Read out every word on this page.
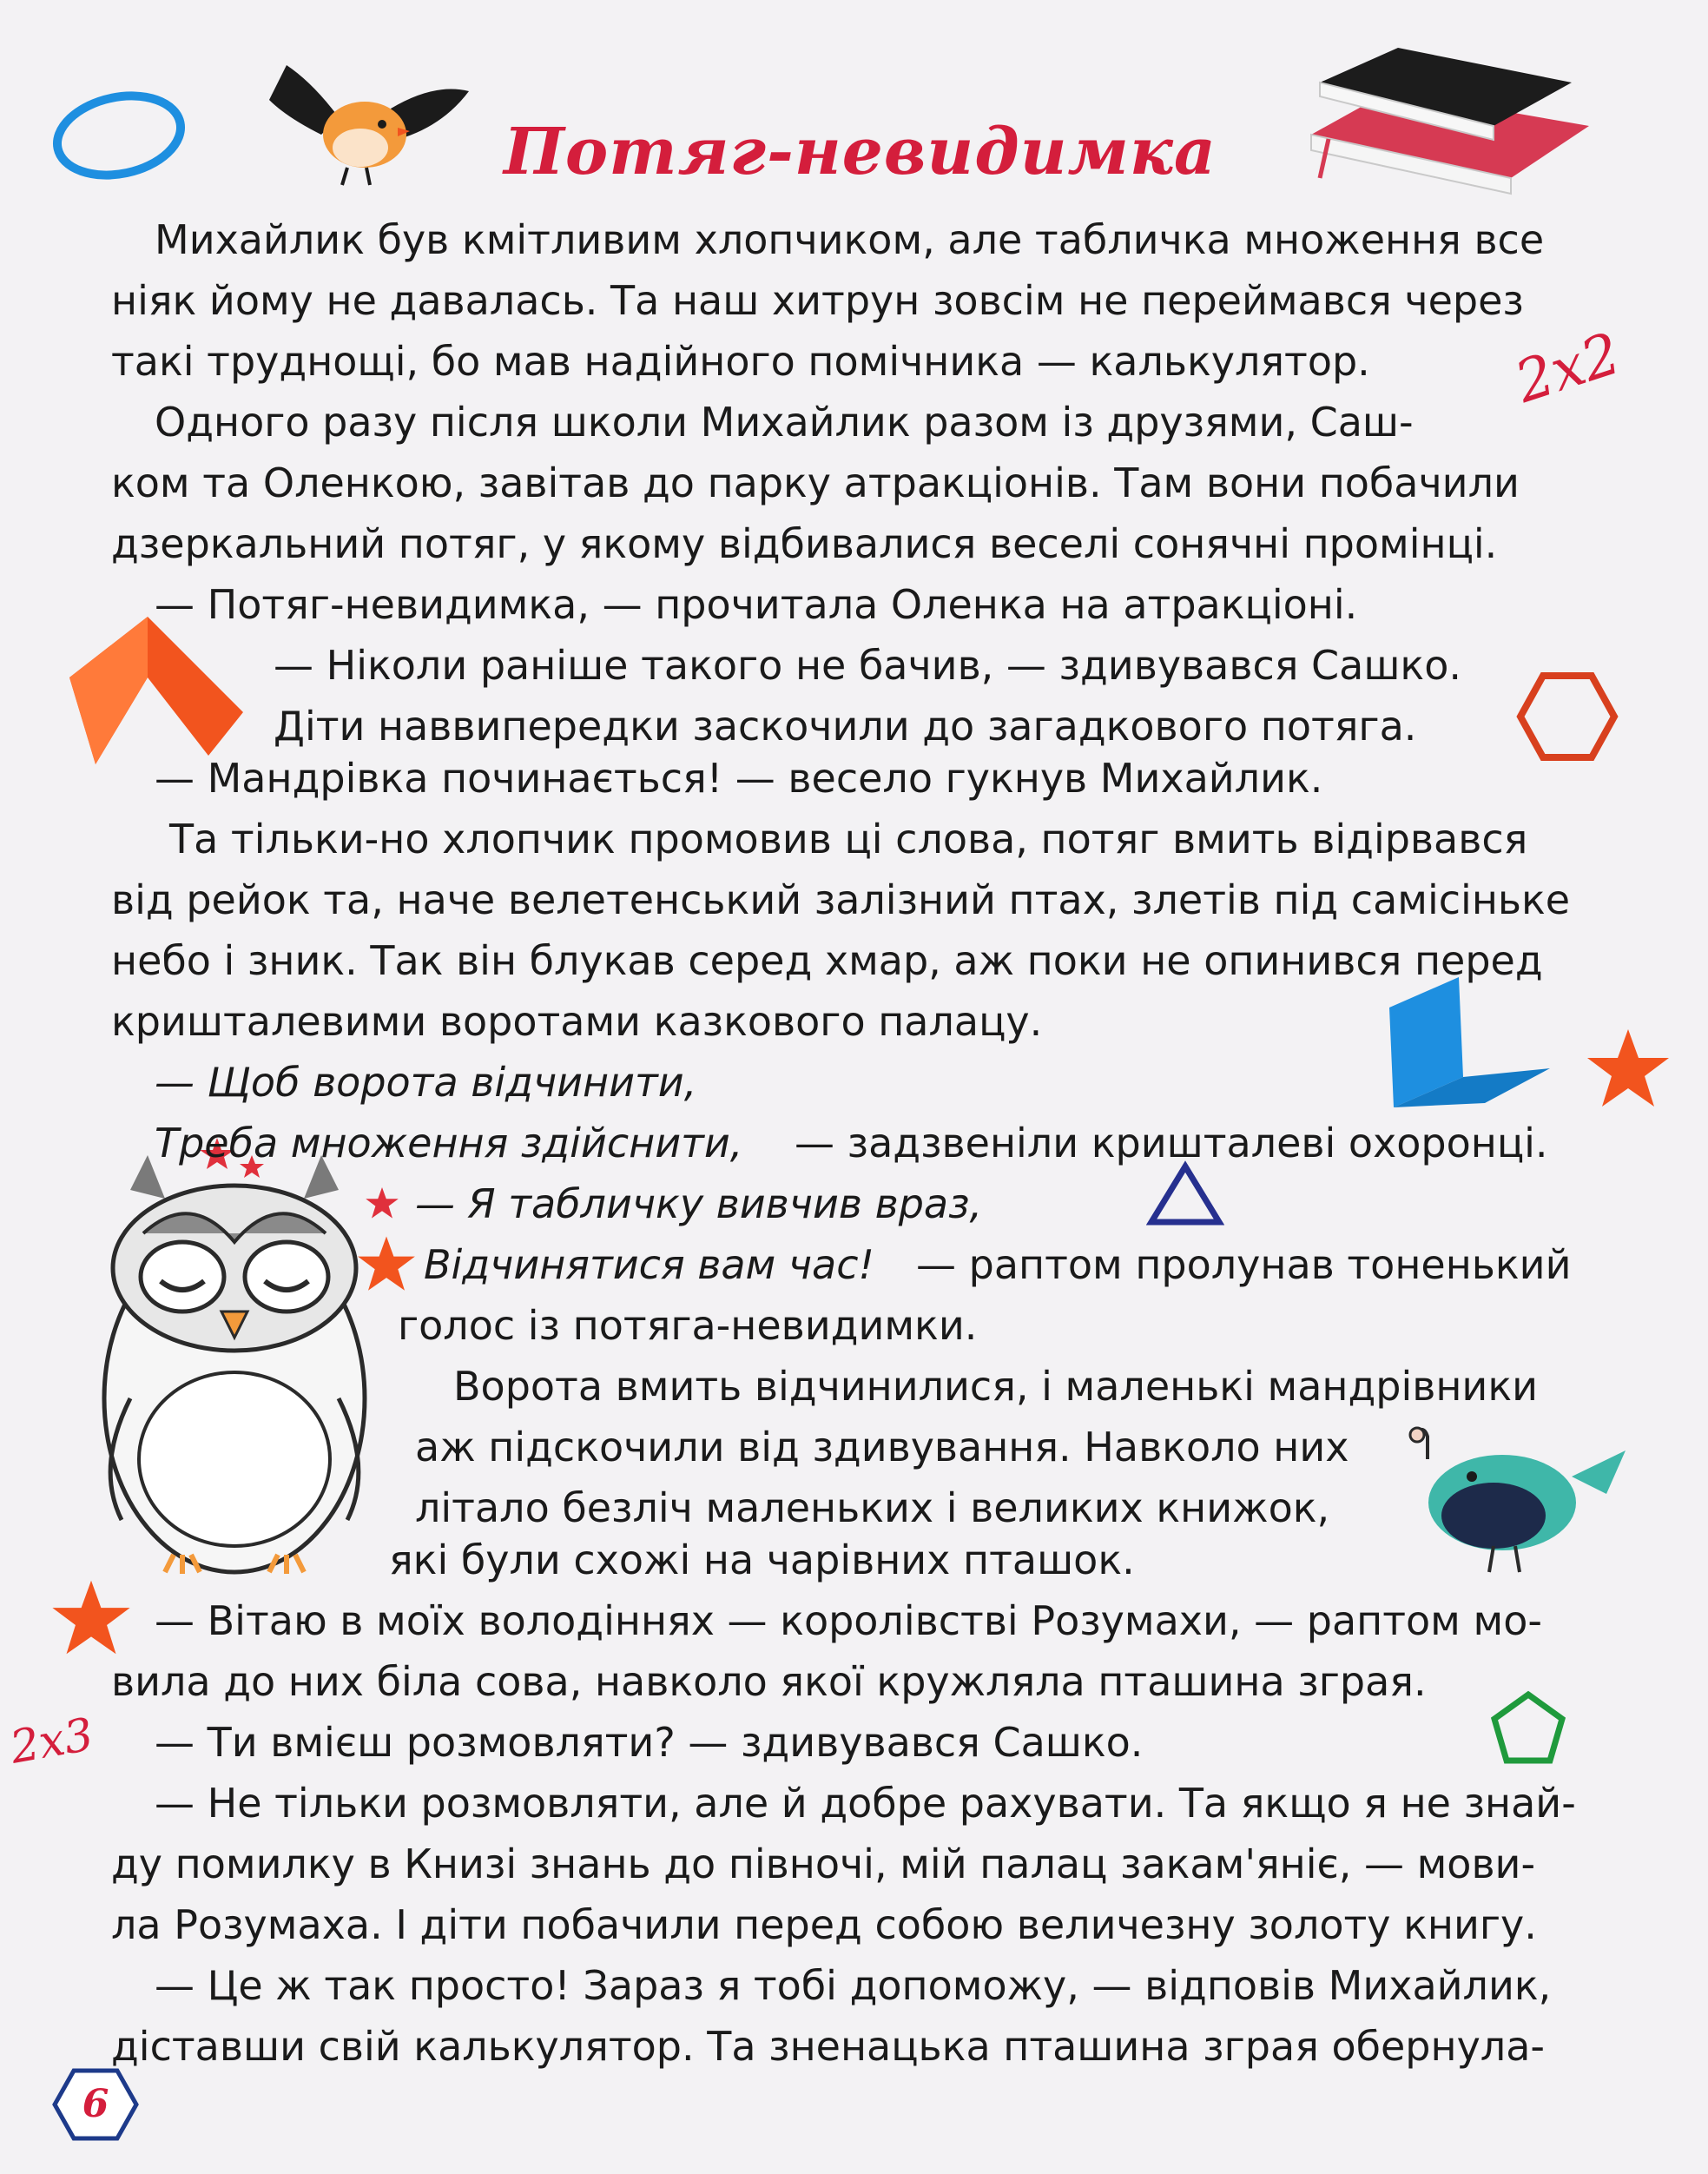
2x2
2x3
6
Потяг-невидимка
Михайлик був кмітливим хлопчиком, але табличка множення все
ніяк йому не давалась. Та наш хитрун зовсім не переймався через
такі труднощі, бо мав надійного помічника — калькулятор.
Одного разу після школи Михайлик разом із друзями, Саш-
ком та Оленкою, завітав до парку атракціонів. Там вони побачили
дзеркальний потяг, у якому відбивалися веселі сонячні промінці.
— Потяг-невидимка, — прочитала Оленка на атракціоні.
— Ніколи раніше такого не бачив, — здивувався Сашко.
Діти наввипередки заскочили до загадкового потяга.
— Мандрівка починається! — весело гукнув Михайлик.
Та тільки-но хлопчик промовив ці слова, потяг вмить відірвався
від рейок та, наче велетенський залізний птах, злетів під самісіньке
небо і зник. Так він блукав серед хмар, аж поки не опинився перед
кришталевими воротами казкового палацу.
— Щоб ворота відчинити,
Треба множення здійснити, — задзвеніли кришталеві охоронці.
— Я табличку вивчив враз,
Відчинятися вам час! — раптом пролунав тоненький
голос із потяга-невидимки.
Ворота вмить відчинилися, і маленькі мандрівники
аж підскочили від здивування. Навколо них
літало безліч маленьких і великих книжок,
які були схожі на чарівних пташок.
— Вітаю в моїх володіннях — королівстві Розумахи, — раптом мо-
вила до них біла сова, навколо якої кружляла пташина зграя.
— Ти вмієш розмовляти? — здивувався Сашко.
— Не тільки розмовляти, але й добре рахувати. Та якщо я не знай-
ду помилку в Книзі знань до півночі, мій палац закам'яніє, — мови-
ла Розумаха. І діти побачили перед собою величезну золоту книгу.
— Це ж так просто! Зараз я тобі допоможу, — відповів Михайлик,
діставши свій калькулятор. Та зненацька пташина зграя обернула-
